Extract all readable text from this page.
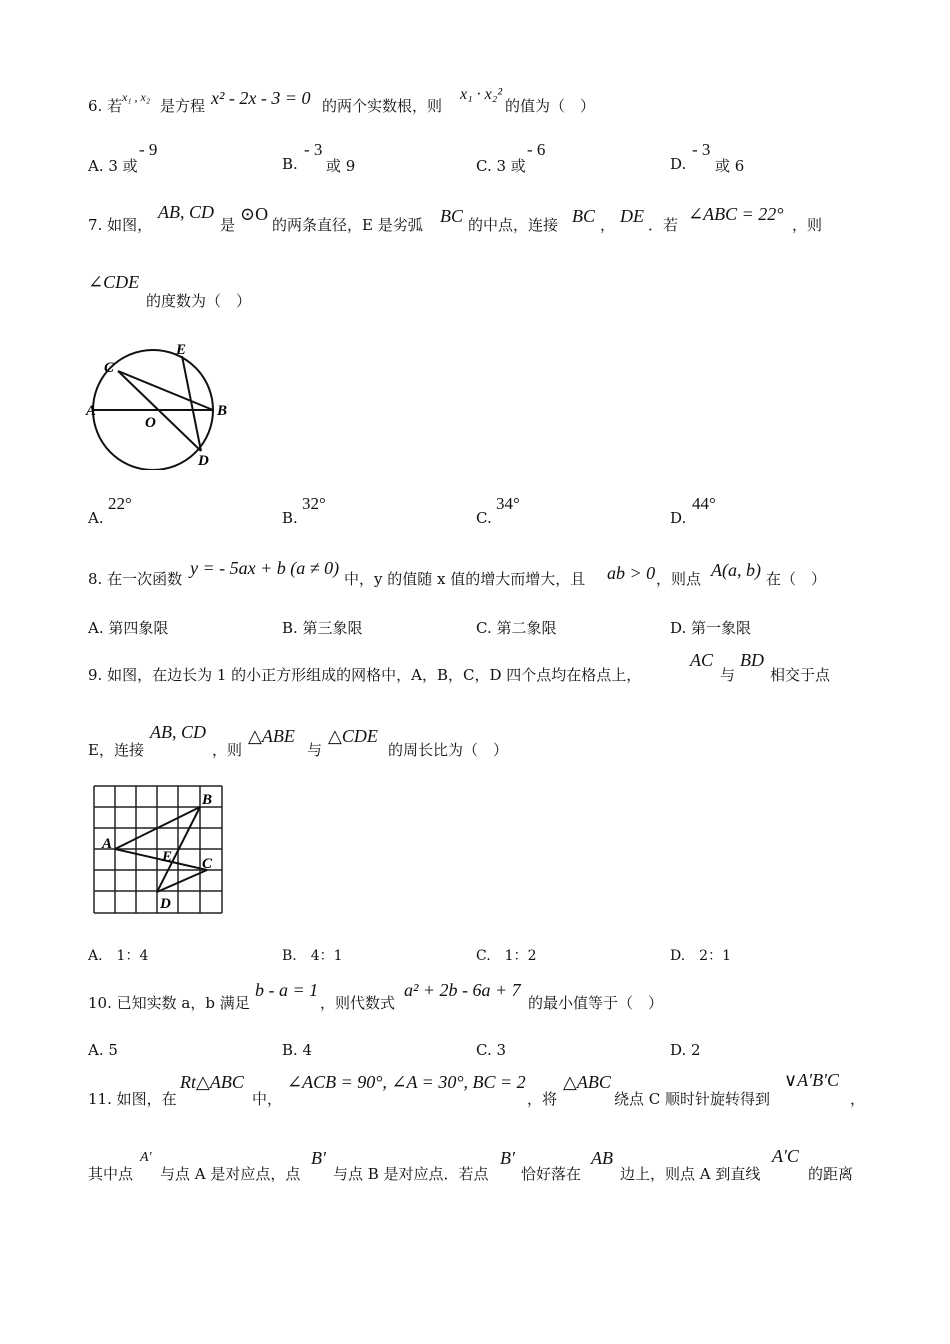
6. 若 x₁ , x₂ 是方程 x² - 2x - 3 = 0 的两个实数根，则
x₁ · x₂²
的值为（　）
A. 3 或
- 9
B.
- 3
或 9	C. 3 或
- 6
D.
- 3
或 6
7. 如图，
AB, CD
是
⊙O
的两条直径，E 是劣弧 BC 的中点，连接 BC ， DE ．若
∠ABC = 22°
，则
∠CDE
的度数为（　）
A	B
C
D
E
O
A.
22°
B.
32°
C.
34°
D.
44°
8. 在一次函数
y = - 5ax + b (a ≠ 0)
中，y 的值随 x 值的增大而增大，且 ab > 0 ，则点 A(a, b) 在（　）
A. 第四象限	B. 第三象限	C. 第二象限	D. 第一象限
9. 如图，在边长为 1 的小正方形组成的网格中，A，B，C，D 四个点均在格点上，
AC
与
BD
相交于点
E，连接
AB, CD
，则
△ABE
与
△CDE
的周长比为（　）
A
B
C
D
E
A.　1：4	B.　4：1	C.　1：2	D.　2：1
10. 已知实数 a，b 满足
b - a = 1
，则代数式
a² + 2b - 6a + 7
的最小值等于（　）
A. 5	B. 4	C. 3	D. 2
11. 如图，在
Rt△ABC
中，
∠ACB = 90°, ∠A = 30°, BC = 2
，将
△ABC
绕点 C 顺时针旋转得到
∨A′B′C
，
其中点
A′
与点 A 是对应点，点
B′
与点 B 是对应点．若点
B′
恰好落在
AB
边上，则点 A 到直线
A′C
的距离
